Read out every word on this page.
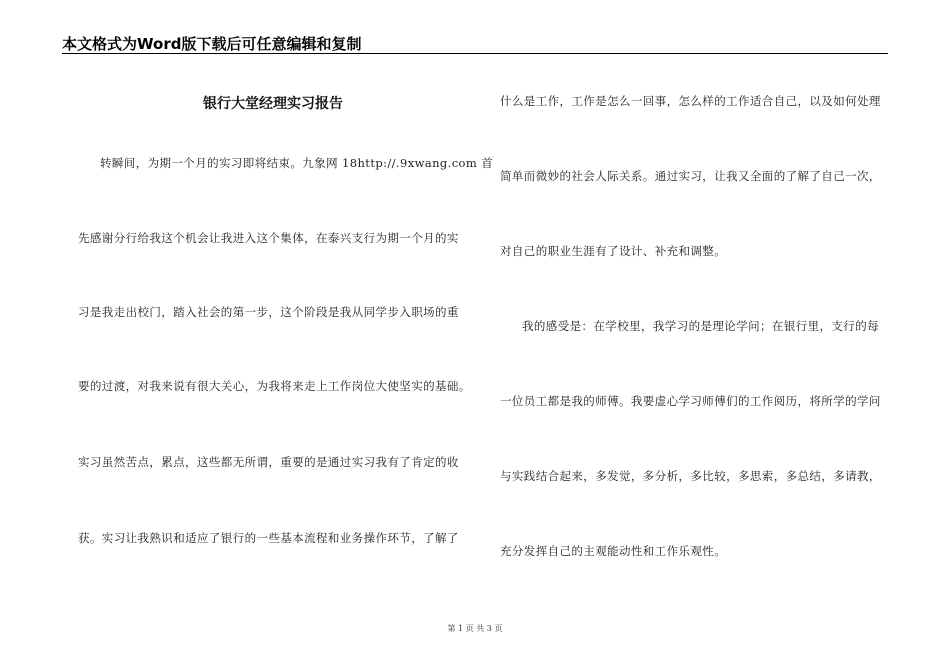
本文格式为Word版下载后可任意编辑和复制
银行大堂经理实习报告
转瞬间，为期一个月的实习即将结束。九象网 18http://.9xwang.com 首
先感谢分行给我这个机会让我进入这个集体，在泰兴支行为期一个月的实
习是我走出校门，踏入社会的第一步，这个阶段是我从同学步入职场的重
要的过渡，对我来说有很大关心，为我将来走上工作岗位大使坚实的基础。
实习虽然苦点，累点，这些都无所谓，重要的是通过实习我有了肯定的收
获。实习让我熟识和适应了银行的一些基本流程和业务操作环节，了解了
什么是工作，工作是怎么一回事，怎么样的工作适合自己，以及如何处理
简单而微妙的社会人际关系。通过实习，让我又全面的了解了自己一次，
对自己的职业生涯有了设计、补充和调整。
我的感受是：在学校里，我学习的是理论学问；在银行里，支行的每
一位员工都是我的师傅。我要虚心学习师傅们的工作阅历，将所学的学问
与实践结合起来，多发觉，多分析，多比较，多思索，多总结，多请教，
充分发挥自己的主观能动性和工作乐观性。
第 1 页 共 3 页
